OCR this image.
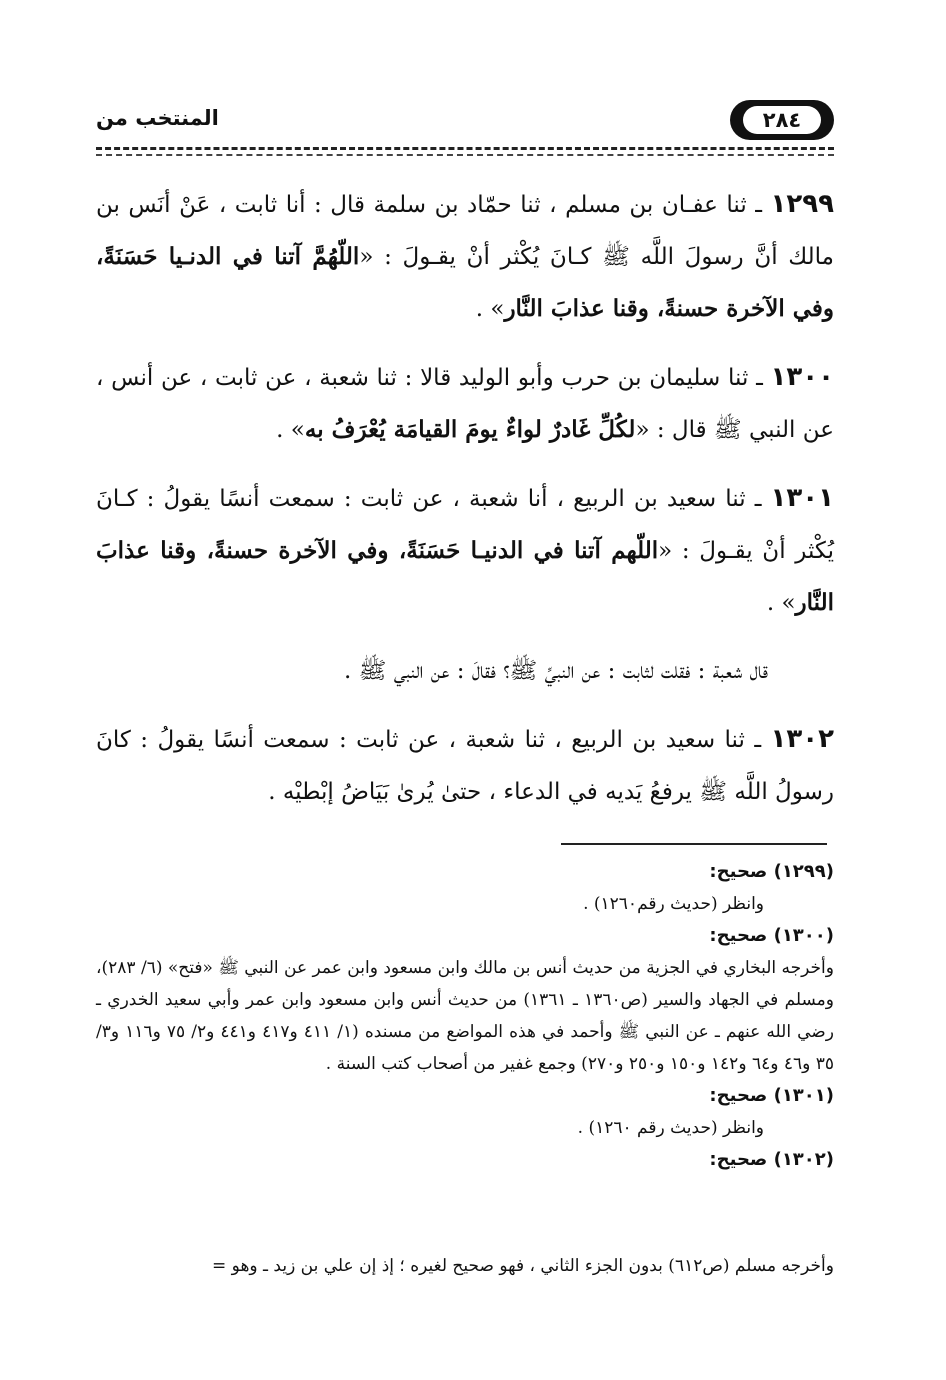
٢٨٤
المنتخب من

١٢٩٩ ـ ثنا عفـان بن مسلم ، ثنا حمّاد بن سلمة قال : أنا ثابت ، عَنْ أنَس بن مالك أنَّ رسولَ اللَّه ﷺ كـانَ يُكْثر أنْ يقـولَ : «اللّهُمَّ آتنا في الدنـيا حَسَنَةً، وفي الآخرة حسنةً، وقنا عذابَ النَّار» .

١٣٠٠ ـ ثنا سليمان بن حرب وأبو الوليد قالا : ثنا شعبة ، عن ثابت ، عن أنس ، عن النبي ﷺ قال : «لكُلِّ غَادرٌ لواءٌ يومَ القيامَة يُعْرَفُ به» .

١٣٠١ ـ ثنا سعيد بن الربيع ، أنا شعبة ، عن ثابت : سمعت أنسًا يقولُ : كـانَ يُكْثر أنْ يقـولَ : «اللّهم آتنا في الدنيـا حَسَنَةً، وفي الآخرة حسنةً، وقنا عذابَ النَّار» .

قال شعبة : فقلت لثابت : عن النبيِّ ﷺ؟ فقالَ : عن النبي ﷺ .

١٣٠٢ ـ ثنا سعيد بن الربيع ، ثنا شعبة ، عن ثابت : سمعت أنسًا يقولُ : كانَ رسولُ اللَّه ﷺ يرفعُ يَديه في الدعاء ، حتىٰ يُرىٰ بَيَاضُ إبْطيْه .

(١٢٩٩) صحيح:

وانظر (حديث رقم١٢٦٠) .

(١٣٠٠) صحيح:

وأخرجه البخاري في الجزية من حديث أنس بن مالك وابن مسعود وابن عمر عن النبي ﷺ «فتح» (٦/ ٢٨٣)، ومسلم في الجهاد والسير (ص١٣٦٠ ـ ١٣٦١) من حديث أنس وابن مسعود وابن عمر وأبي سعيد الخدري ـ رضي الله عنهم ـ عن النبي ﷺ وأحمد في هذه المواضع من مسنده (١/ ٤١١ و٤١٧ و٤٤١ و٢/ ٧٥ و١١٦ و٣/ ٣٥ و٤٦ و٦٤ و١٤٢ و١٥٠ و٢٥٠ و٢٧٠) وجمع غفير من أصحاب كتب السنة .

(١٣٠١) صحيح:

وانظر (حديث رقم ١٢٦٠) .

(١٣٠٢) صحيح:

وأخرجه مسلم (ص٦١٢) بدون الجزء الثاني ، فهو صحيح لغيره ؛ إذ إن علي بن زيد ـ وهو =
